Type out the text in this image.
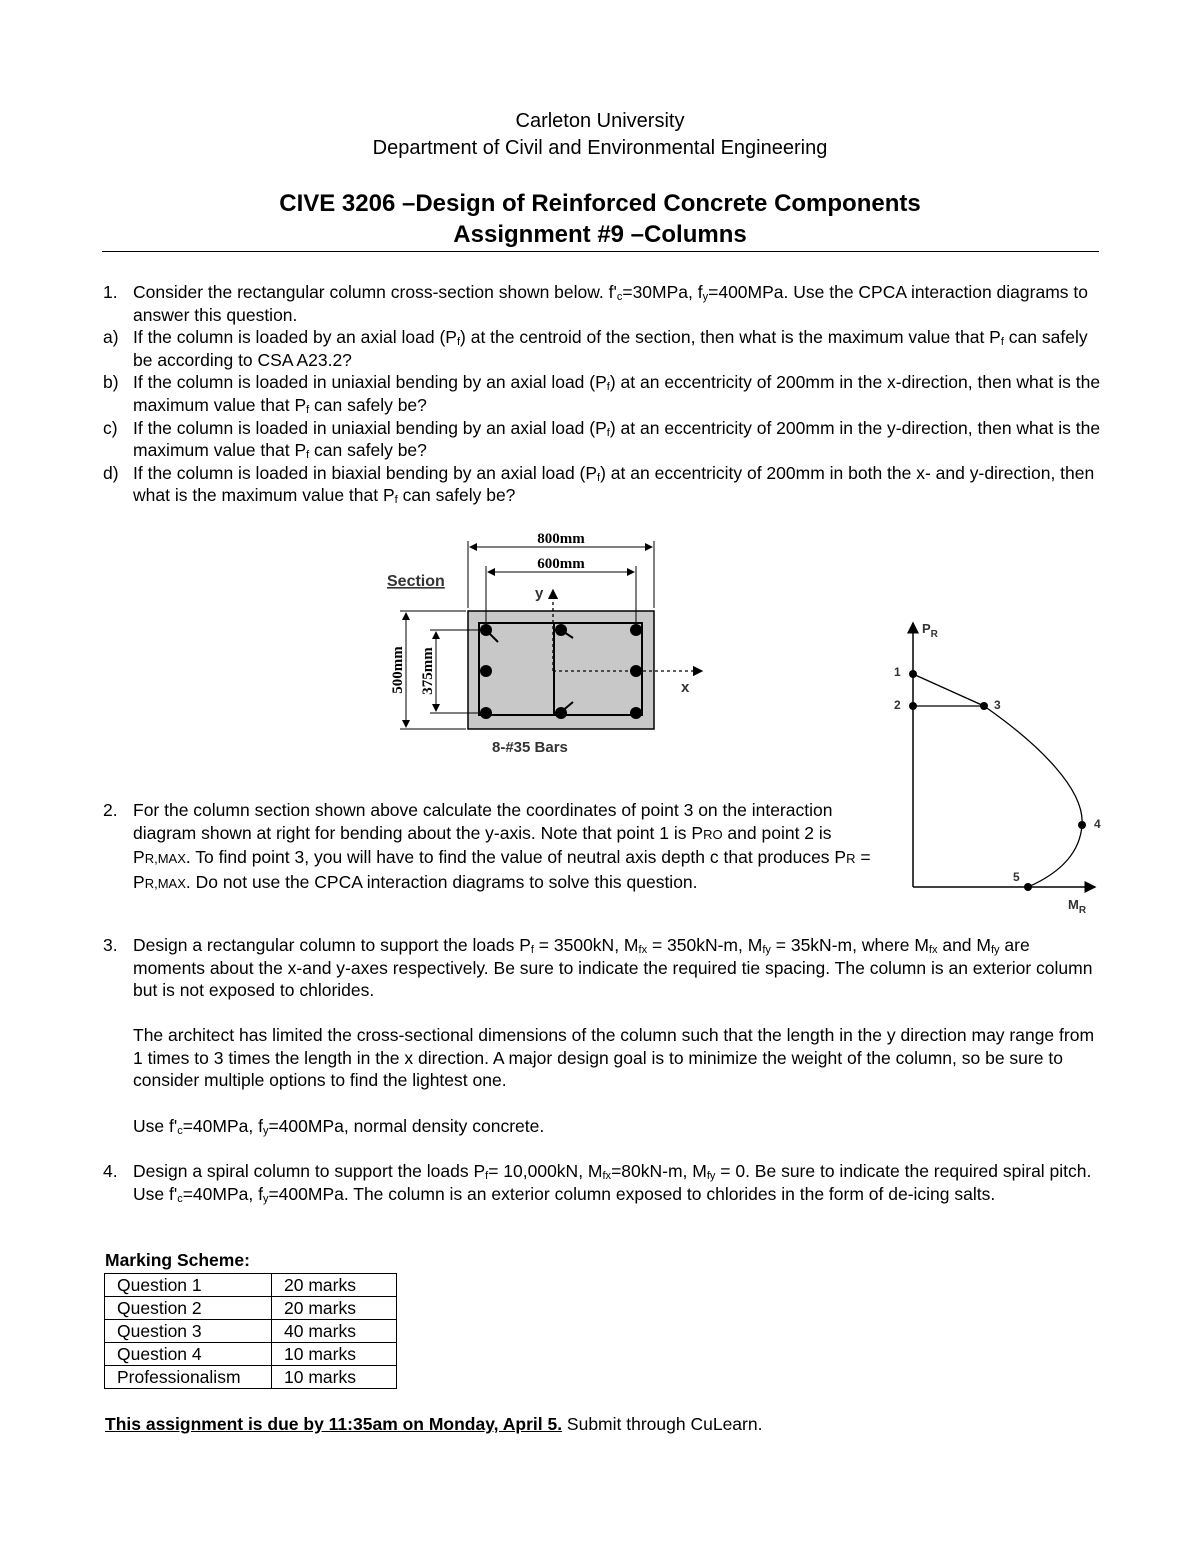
Carleton University
Department of Civil and Environmental Engineering
CIVE 3206 –Design of Reinforced Concrete Components
Assignment #9 –Columns
1. Consider the rectangular column cross-section shown below. $f'_c=30MPa$, $f_y=400MPa$. Use the CPCA interaction diagrams to answer this question.
a) If the column is loaded by an axial load $(P_f)$ at the centroid of the section, then what is the maximum value that $P_f$ can safely be according to CSA A23.2?
b) If the column is loaded in uniaxial bending by an axial load $(P_f)$ at an eccentricity of 200mm in the x-direction, then what is the maximum value that $P_f$ can safely be?
c) If the column is loaded in uniaxial bending by an axial load $(P_f)$ at an eccentricity of 200mm in the y-direction, then what is the maximum value that $P_f$ can safely be?
d) If the column is loaded in biaxial bending by an axial load $(P_f)$ at an eccentricity of 200mm in both the x- and y-direction, then what is the maximum value that $P_f$ can safely be?
Section
y
x
800mm
600mm
500mm 375mm
8-#35 Bars
$P_R$
$M_R$
1
2	3
4
5
2. For the column section shown above calculate the coordinates of point 3 on the interaction diagram shown at right for bending about the y-axis. Note that point 1 is PRO and point 2 is PR,MAX. To find point 3, you will have to find the value of neutral axis depth c that produces PR = PR,MAX. Do not use the CPCA interaction diagrams to solve this question.
3. Design a rectangular column to support the loads $P_f = 3500kN$, $M_{fx} = 350kN-m$, $M_{fy} = 35kN-m$, where $M_{fx}$ and $M_{fy}$ are moments about the x-and y-axes respectively. Be sure to indicate the required tie spacing. The column is an exterior column but is not exposed to chlorides.
The architect has limited the cross-sectional dimensions of the column such that the length in the y direction may range from 1 times to 3 times the length in the x direction. A major design goal is to minimize the weight of the column, so be sure to consider multiple options to find the lightest one.
Use $f'_c=40MPa$, $f_y=400MPa$, normal density concrete.
4. Design a spiral column to support the loads $P_f= 10,000kN$, $M_{fx}=80kN-m$, $M_{fy} = 0$. Be sure to indicate the required spiral pitch. Use $f'_c=40MPa$, $f_y=400MPa$. The column is an exterior column exposed to chlorides in the form of de-icing salts.
Marking Scheme:
Question 1	20 marks
Question 2	20 marks
Question 3	40 marks
Question 4	10 marks
Professionalism	10 marks
This assignment is due by 11:35am on Monday, April 5. Submit through CuLearn.
